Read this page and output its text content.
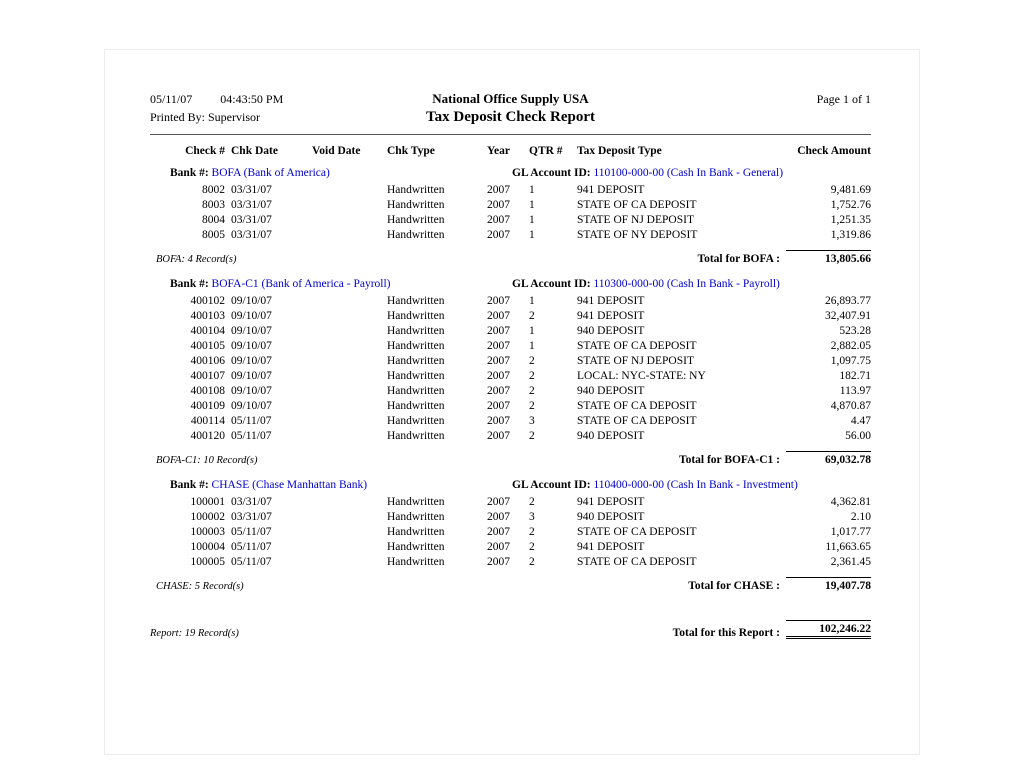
05/11/07 04:43:50 PM	National Office Supply USA	Page 1 of 1
Printed By: Supervisor	Tax Deposit Check Report
Check #	Chk Date	Void Date	Chk Type	Year	QTR #	Tax Deposit Type	Check Amount
Bank #: BOFA (Bank of America)				GL Account ID: 110100-000-00 (Cash In Bank - General)			
8002	03/31/07		Handwritten	2007	1	941 DEPOSIT	9,481.69
8003	03/31/07		Handwritten	2007	1	STATE OF CA DEPOSIT	1,752.76
8004	03/31/07		Handwritten	2007	1	STATE OF NJ DEPOSIT	1,251.35
8005	03/31/07		Handwritten	2007	1	STATE OF NY DEPOSIT	1,319.86

BOFA: 4 Record(s) Total for BOFA : 13,805.66							

Bank #: BOFA-C1 (Bank of America - Payroll)				GL Account ID: 110300-000-00 (Cash In Bank - Payroll)			
400102	09/10/07		Handwritten	2007	1	941 DEPOSIT	26,893.77
400103	09/10/07		Handwritten	2007	2	941 DEPOSIT	32,407.91
400104	09/10/07		Handwritten	2007	1	940 DEPOSIT	523.28
400105	09/10/07		Handwritten	2007	1	STATE OF CA DEPOSIT	2,882.05
400106	09/10/07		Handwritten	2007	2	STATE OF NJ DEPOSIT	1,097.75
400107	09/10/07		Handwritten	2007	2	LOCAL: NYC-STATE: NY	182.71
400108	09/10/07		Handwritten	2007	2	940 DEPOSIT	113.97
400109	09/10/07		Handwritten	2007	2	STATE OF CA DEPOSIT	4,870.87
400114	05/11/07		Handwritten	2007	3	STATE OF CA DEPOSIT	4.47
400120	05/11/07		Handwritten	2007	2	940 DEPOSIT	56.00

BOFA-C1: 10 Record(s) Total for BOFA-C1 : 69,032.78							

Bank #: CHASE (Chase Manhattan Bank)				GL Account ID: 110400-000-00 (Cash In Bank - Investment)			
100001	03/31/07		Handwritten	2007	2	941 DEPOSIT	4,362.81
100002	03/31/07		Handwritten	2007	3	940 DEPOSIT	2.10
100003	05/11/07		Handwritten	2007	2	STATE OF CA DEPOSIT	1,017.77
100004	05/11/07		Handwritten	2007	2	941 DEPOSIT	11,663.65
100005	05/11/07		Handwritten	2007	2	STATE OF CA DEPOSIT	2,361.45

CHASE: 5 Record(s) Total for CHASE : 19,407.78							
Report: 19 Record(s)	Total for this Report :	102,246.22
